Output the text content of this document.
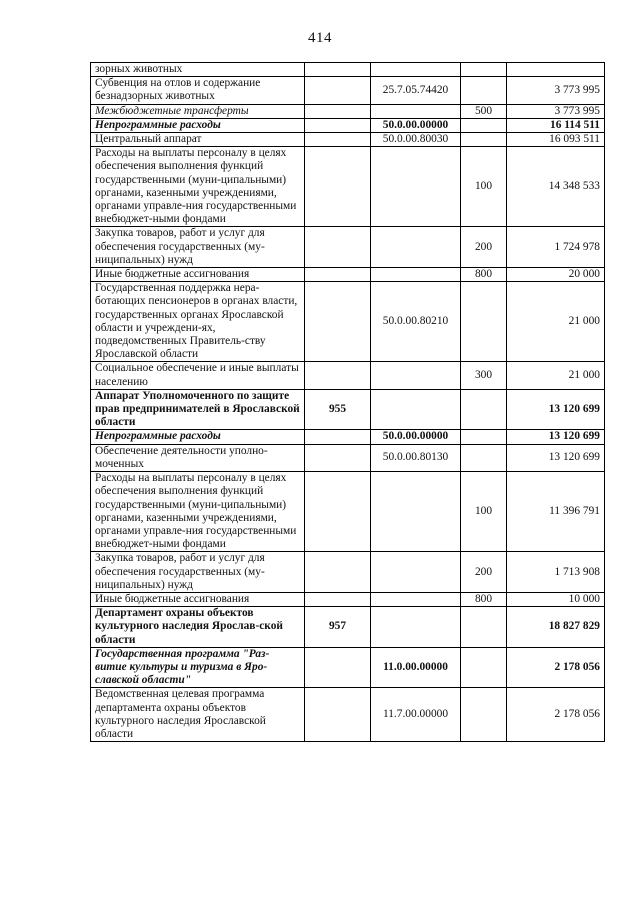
414
зорных животных				
Субвенция на отлов и содержание безнадзорных животных		25.7.05.74420		3 773 995
Межбюджетные трансферты			500	3 773 995
Непрограммные расходы		50.0.00.00000		16 114 511
Центральный аппарат		50.0.00.80030		16 093 511
Расходы на выплаты персоналу в целях обеспечения выполнения функций государственными (муни-ципальными) органами, казенными учреждениями, органами управле-ния государственными внебюджет-ными фондами			100	14 348 533
Закупка товаров, работ и услуг для обеспечения государственных (му-ниципальных) нужд			200	1 724 978
Иные бюджетные ассигнования			800	20 000
Государственная поддержка нера-ботающих пенсионеров в органах власти, государственных органах Ярославской области и учреждени-ях, подведомственных Правитель-ству Ярославской области		50.0.00.80210		21 000
Социальное обеспечение и иные выплаты населению			300	21 000
Аппарат Уполномоченного по защите прав предпринимателей в Ярославской области	955			13 120 699
Непрограммные расходы		50.0.00.00000		13 120 699
Обеспечение деятельности уполно-моченных		50.0.00.80130		13 120 699
Расходы на выплаты персоналу в целях обеспечения выполнения функций государственными (муни-ципальными) органами, казенными учреждениями, органами управле-ния государственными внебюджет-ными фондами			100	11 396 791
Закупка товаров, работ и услуг для обеспечения государственных (му-ниципальных) нужд			200	1 713 908
Иные бюджетные ассигнования			800	10 000
Департамент охраны объектов культурного наследия Ярослав-ской области	957			18 827 829
Государственная программа "Раз-витие культуры и туризма в Яро-славской области"		11.0.00.00000		2 178 056
Ведомственная целевая программа департамента охраны объектов культурного наследия Ярославской области		11.7.00.00000		2 178 056
